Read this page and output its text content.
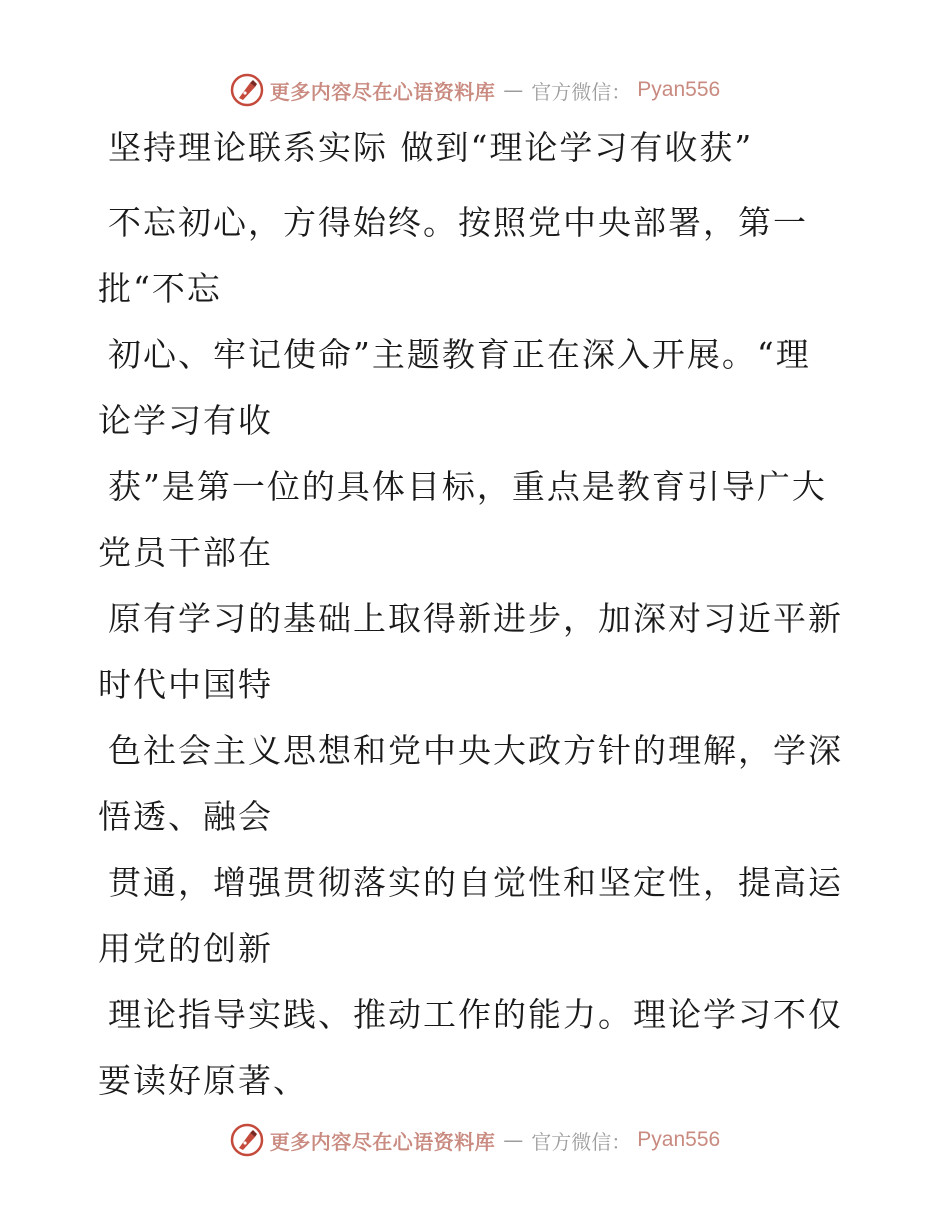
更多内容尽在心语资料库 — 官方微信： Pyan556
坚持理论联系实际 做到“理论学习有收获”

不忘初心，方得始终。按照党中央部署，第一

批“不忘

初心、牢记使命”主题教育正在深入开展。“理

论学习有收

获”是第一位的具体目标，重点是教育引导广大

党员干部在

原有学习的基础上取得新进步，加深对习近平新

时代中国特

色社会主义思想和党中央大政方针的理解，学深

悟透、融会

贯通，增强贯彻落实的自觉性和坚定性，提高运

用党的创新

理论指导实践、推动工作的能力。理论学习不仅

要读好原著、

更多内容尽在心语资料库 — 官方微信： Pyan556
